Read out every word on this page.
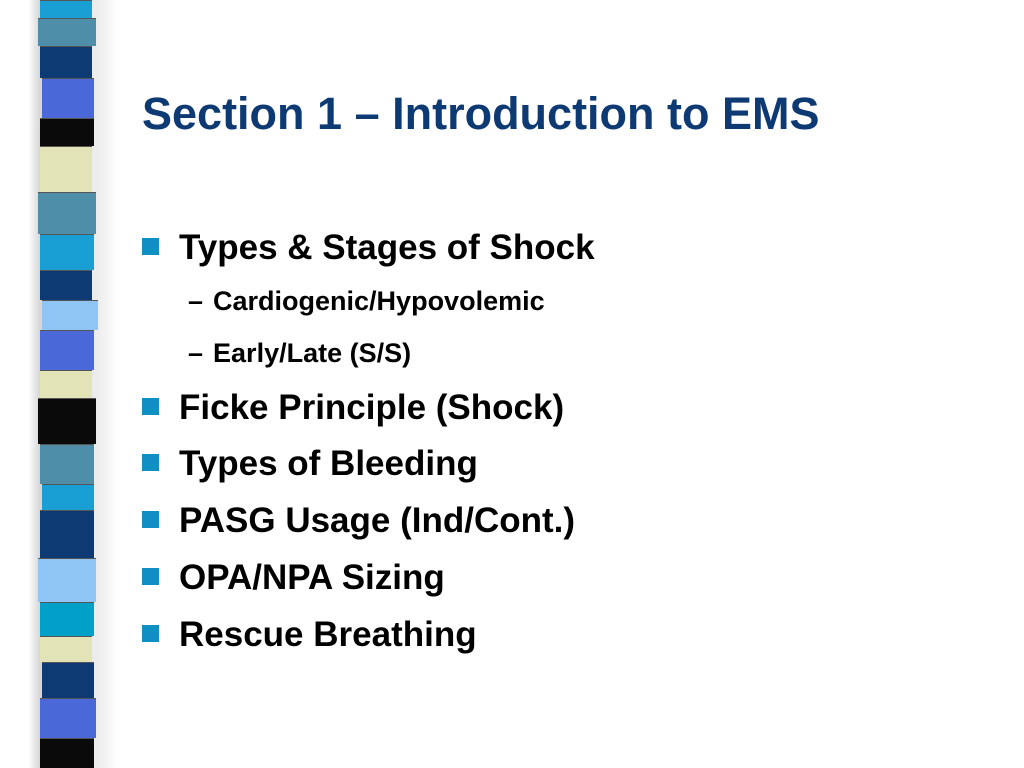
Section 1 – Introduction to EMS
Types & Stages of Shock
– Cardiogenic/Hypovolemic
– Early/Late (S/S)
Ficke Principle (Shock)
Types of Bleeding
PASG Usage (Ind/Cont.)
OPA/NPA Sizing
Rescue Breathing
